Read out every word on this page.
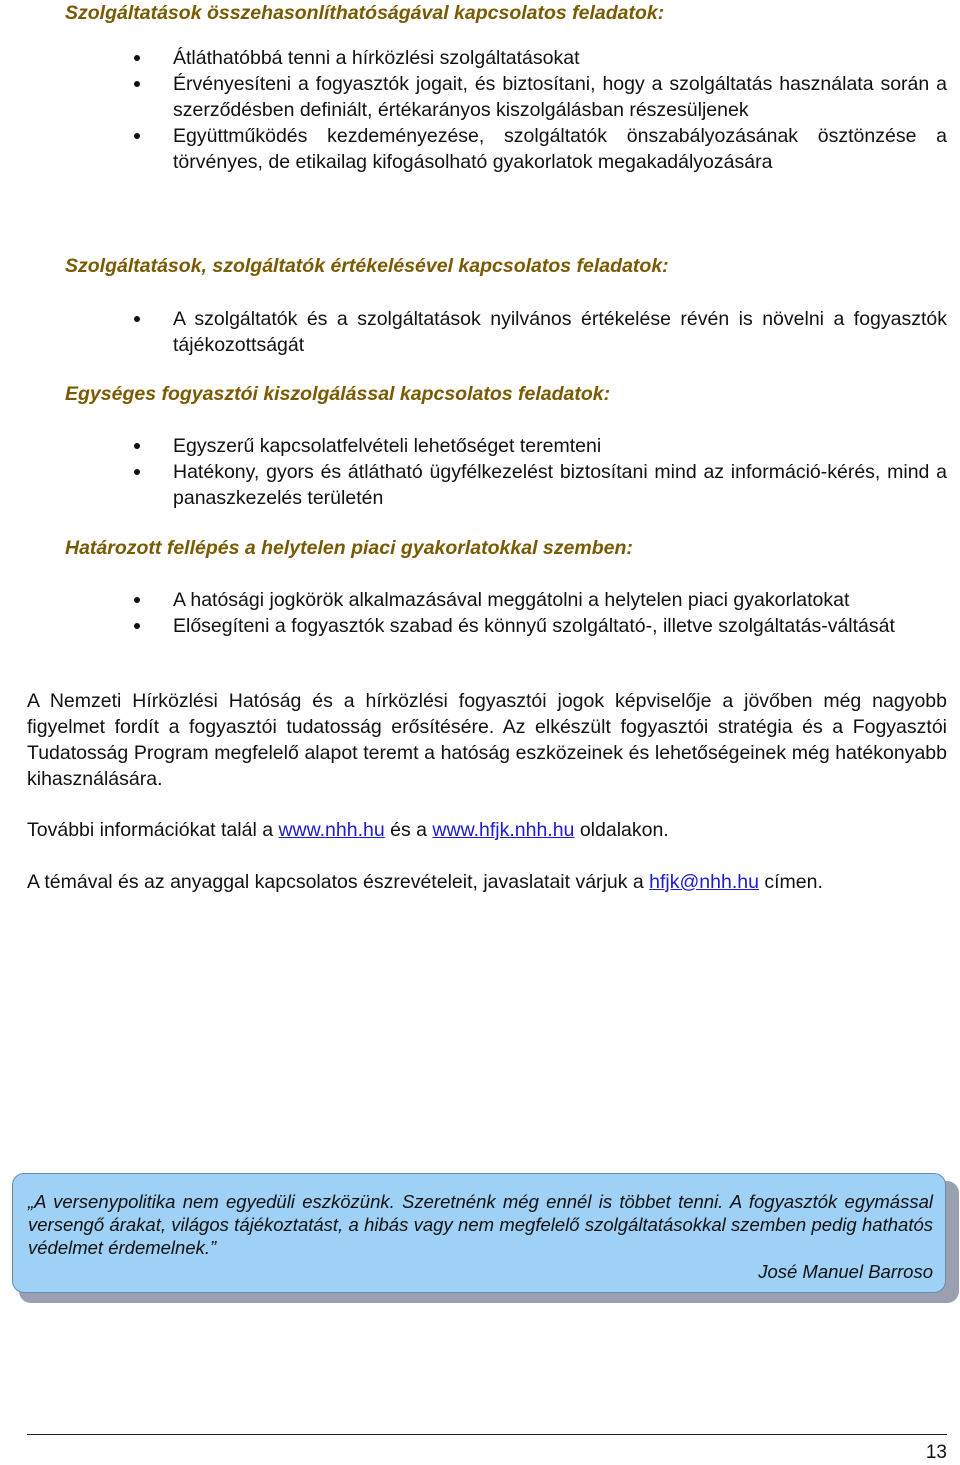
Szolgáltatások összehasonlíthatóságával kapcsolatos feladatok:
Átláthatóbbá tenni a hírközlési szolgáltatásokat
Érvényesíteni a fogyasztók jogait, és biztosítani, hogy a szolgáltatás használata során a szerződésben definiált, értékarányos kiszolgálásban részesüljenek
Együttműködés kezdeményezése, szolgáltatók önszabályozásának ösztönzése a törvényes, de etikailag kifogásolható gyakorlatok megakadályozására
Szolgáltatások, szolgáltatók értékelésével kapcsolatos feladatok:
A szolgáltatók és a szolgáltatások nyilvános értékelése révén is növelni a fogyasztók tájékozottságát
Egységes fogyasztói kiszolgálással kapcsolatos feladatok:
Egyszerű kapcsolatfelvételi lehetőséget teremteni
Hatékony, gyors és átlátható ügyfélkezelést biztosítani mind az információ-kérés, mind a panaszkezelés területén
Határozott fellépés a helytelen piaci gyakorlatokkal szemben:
A hatósági jogkörök alkalmazásával meggátolni a helytelen piaci gyakorlatokat
Elősegíteni a fogyasztók szabad és könnyű szolgáltató-, illetve szolgáltatás-váltását
A Nemzeti Hírközlési Hatóság és a hírközlési fogyasztói jogok képviselője a jövőben még nagyobb figyelmet fordít a fogyasztói tudatosság erősítésére. Az elkészült fogyasztói stratégia és a Fogyasztói Tudatosság Program megfelelő alapot teremt a hatóság eszközeinek és lehetőségeinek még hatékonyabb kihasználására.
További információkat talál a www.nhh.hu és a www.hfjk.nhh.hu oldalakon.
A témával és az anyaggal kapcsolatos észrevételeit, javaslatait várjuk a hfjk@nhh.hu címen.
„A versenypolitika nem egyedüli eszközünk. Szeretnénk még ennél is többet tenni. A fogyasztók egymással versengő árakat, világos tájékoztatást, a hibás vagy nem megfelelő szolgáltatásokkal szemben pedig hathatós védelmet érdemelnek.”
José Manuel Barroso
13
